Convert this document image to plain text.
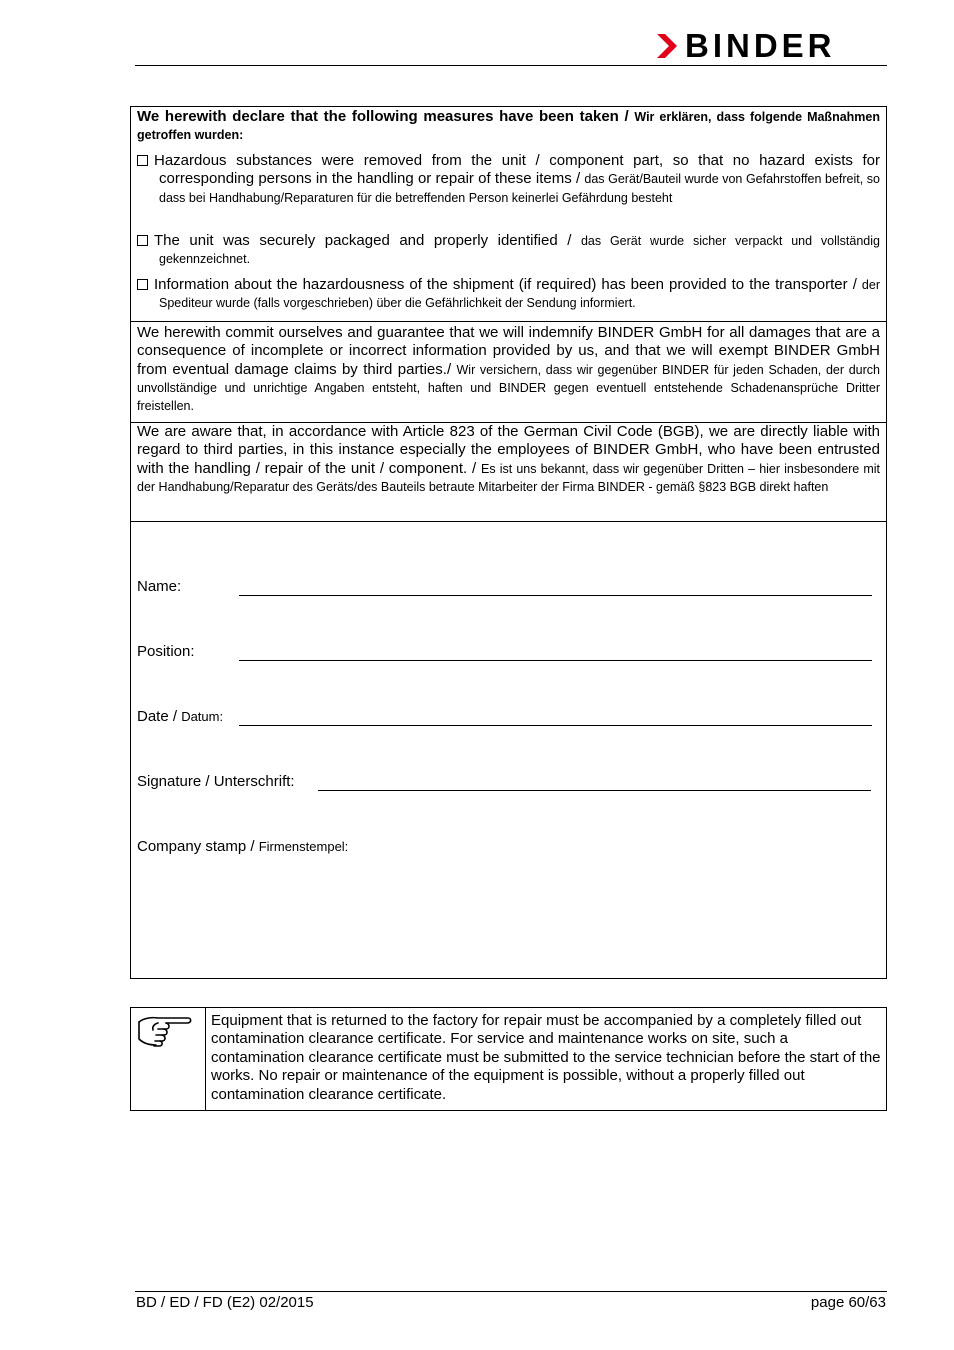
BINDER
We herewith declare that the following measures have been taken / Wir erklären, dass folgende Maßnahmen getroffen wurden:
Hazardous substances were removed from the unit / component part, so that no hazard exists for corresponding persons in the handling or repair of these items / das Gerät/Bauteil wurde von Gefahrstoffen befreit, so dass bei Handhabung/Reparaturen für die betreffenden Person keinerlei Gefährdung besteht
The unit was securely packaged and properly identified / das Gerät wurde sicher verpackt und vollständig gekennzeichnet.
Information about the hazardousness of the shipment (if required) has been provided to the transporter / der Spediteur wurde (falls vorgeschrieben) über die Gefährlichkeit der Sendung informiert.
We herewith commit ourselves and guarantee that we will indemnify BINDER GmbH for all damages that are a consequence of incomplete or incorrect information provided by us, and that we will exempt BINDER GmbH from eventual damage claims by third parties./ Wir versichern, dass wir gegenüber BINDER für jeden Schaden, der durch unvollständige und unrichtige Angaben entsteht, haften und BINDER gegen eventuell entstehende Schadenansprüche Dritter freistellen.
We are aware that, in accordance with Article 823 of the German Civil Code (BGB), we are directly liable with regard to third parties, in this instance especially the employees of BINDER GmbH, who have been entrusted with the handling / repair of the unit / component. / Es ist uns bekannt, dass wir gegenüber Dritten – hier insbesondere mit der Handhabung/Reparatur des Geräts/des Bauteils betraute Mitarbeiter der Firma BINDER - gemäß §823 BGB direkt haften
Name:
Position:
Date / Datum:
Signature / Unterschrift:
Company stamp / Firmenstempel:
Equipment that is returned to the factory for repair must be accompanied by a completely filled out contamination clearance certificate. For service and maintenance works on site, such a contamination clearance certificate must be submitted to the service technician before the start of the works. No repair or maintenance of the equipment is possible, without a properly filled out contamination clearance certificate.
BD / ED / FD (E2) 02/2015	page 60/63
